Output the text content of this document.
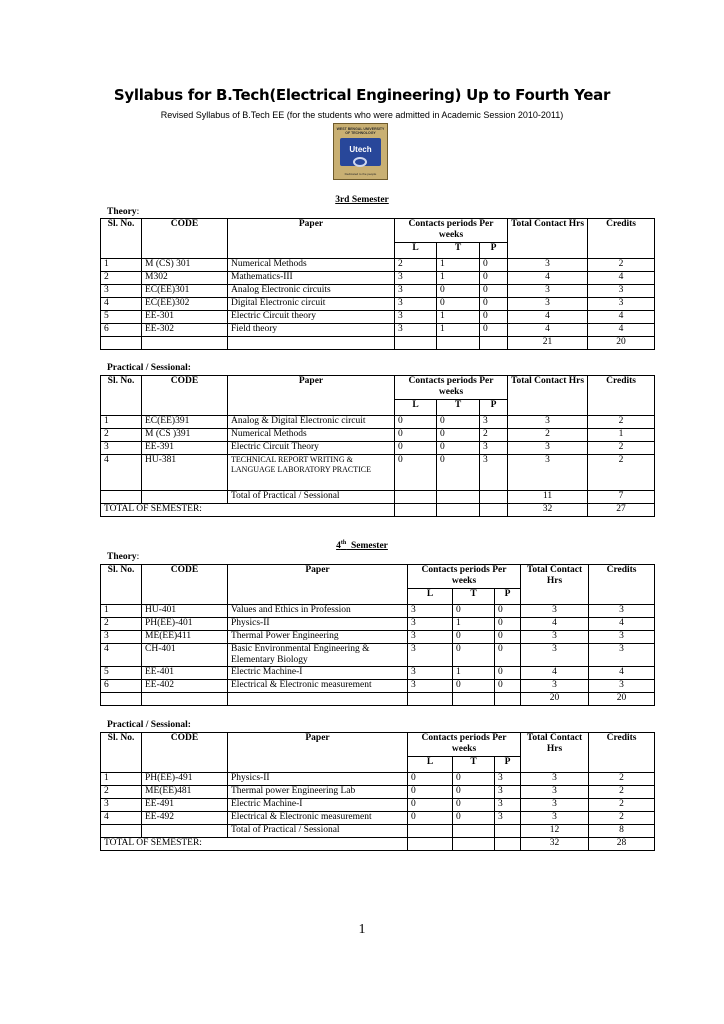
Syllabus for B.Tech(Electrical Engineering) Up to Fourth Year
Revised Syllabus of B.Tech EE (for the students who were admitted in Academic Session 2010-2011)
WEST BENGAL UNIVERSITY OF TECHNOLOGY
Utech
Dedicated to the people
3rd Semester
Theory:
Sl. No.	CODE	Paper	Contacts periods Per weeks			Total Contact Hrs	Credits
			L	T	P		
1	M (CS) 301	Numerical Methods	2	1	0	3	2
2	M302	Mathematics-III	3	1	0	4	4
3	EC(EE)301	Analog Electronic circuits	3	0	0	3	3
4	EC(EE)302	Digital Electronic circuit	3	0	0	3	3
5	EE-301	Electric Circuit theory	3	1	0	4	4
6	EE-302	Field theory	3	1	0	4	4
						21	20
Practical / Sessional:
Sl. No.	CODE	Paper	Contacts periods Per weeks			Total Contact Hrs	Credits
			L	T	P		
1	EC(EE)391	Analog & Digital Electronic circuit	0	0	3	3	2
2	M (CS )391	Numerical Methods	0	0	2	2	1
3	EE-391	Electric Circuit Theory	0	0	3	3	2
4	HU-381	TECHNICAL REPORT WRITING & LANGUAGE LABORATORY PRACTICE	0	0	3	3	2
		Total of Practical / Sessional				11	7
TOTAL OF SEMESTER:						32	27
4th  Semester
Theory:
Sl. No.	CODE	Paper	Contacts periods Per weeks			Total Contact Hrs	Credits
			L	T	P		
1	HU-401	Values and Ethics in Profession	3	0	0	3	3
2	PH(EE)-401	Physics-II	3	1	0	4	4
3	ME(EE)411	Thermal Power Engineering	3	0	0	3	3
4	CH-401	Basic Environmental Engineering & Elementary Biology	3	0	0	3	3
5	EE-401	Electric Machine-I	3	1	0	4	4
6	EE-402	Electrical & Electronic measurement	3	0	0	3	3
						20	20
Practical / Sessional:
Sl. No.	CODE	Paper	Contacts periods Per weeks			Total Contact Hrs	Credits
			L	T	P		
1	PH(EE)-491	Physics-II	0	0	3	3	2
2	ME(EE)481	Thermal power Engineering Lab	0	0	3	3	2
3	EE-491	Electric Machine-I	0	0	3	3	2
4	EE-492	Electrical & Electronic measurement	0	0	3	3	2
		Total of Practical / Sessional				12	8
TOTAL OF SEMESTER:						32	28
1
